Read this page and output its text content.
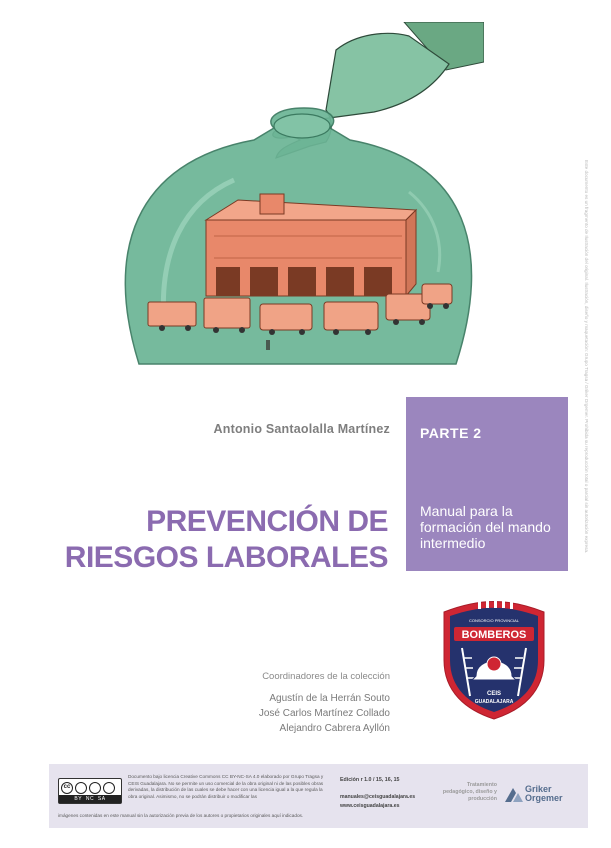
Este documento es un fragmento de Ilustración del original. Ilustración, diseño y maquetación: Grupo Tragsa / Griker Orgemer. Prohibida su reproducción total o parcial sin autorización expresa.
Antonio Santaolalla Martínez PARTE 2
Manual para la formación del mando intermedio
PREVENCIÓN DE
RIESGOS LABORALES
CONSORCIO PROVINCIAL
BOMBEROS
CEIS
GUADALAJARA
Coordinadores de la colección
Agustín de la Herrán Souto
José Carlos Martínez Collado
Alejandro Cabrera Ayllón
cc
BY NC SA
Documento bajo licencia Creative Commons CC BY-NC-SA 4.0 elaborado por Grupo Tragsa y CEIS Guadalajara. No se permite un uso comercial de la obra original ni de las posibles obras derivadas, la distribución de las cuales se debe hacer con una licencia igual a la que regula la obra original. Asimismo, no se podrán distribuir o modificar las
imágenes contenidas en este manual sin la autorización previa de los autores o propietarios originales aquí indicados.
Edición r 1.0 / 15, 16, 15
manuales@ceisguadalajara.es
www.ceisguadalajara.es
Tratamiento pedagógico, diseño y producción
Griker
Orgemer
